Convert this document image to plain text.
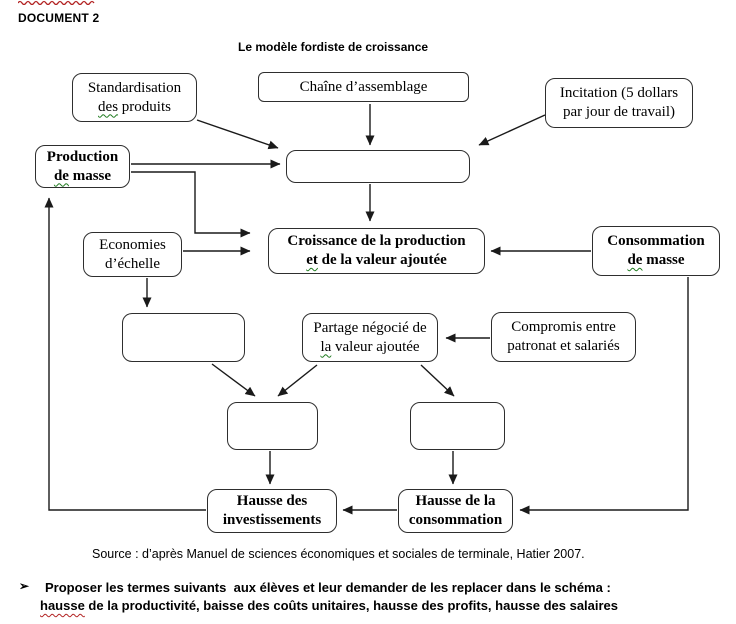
DOCUMENT 2
Le modèle fordiste de croissance
Standardisation
des produits
Chaîne d’assemblage	Incitation (5 dollars
par jour de travail)
Production
de masse
Economies
d’échelle
Croissance de la production
et de la valeur ajoutée
Consommation
de masse
Partage négocié de
la valeur ajoutée
Compromis entre
patronat et salariés
Hausse des
investissements
Hausse de la
consommation
Source : d’après Manuel de sciences économiques et sociales de terminale, Hatier 2007.
➢ Proposer les termes suivants  aux élèves et leur demander de les replacer dans le schéma :
hausse de la productivité, baisse des coûts unitaires, hausse des profits, hausse des salaires
